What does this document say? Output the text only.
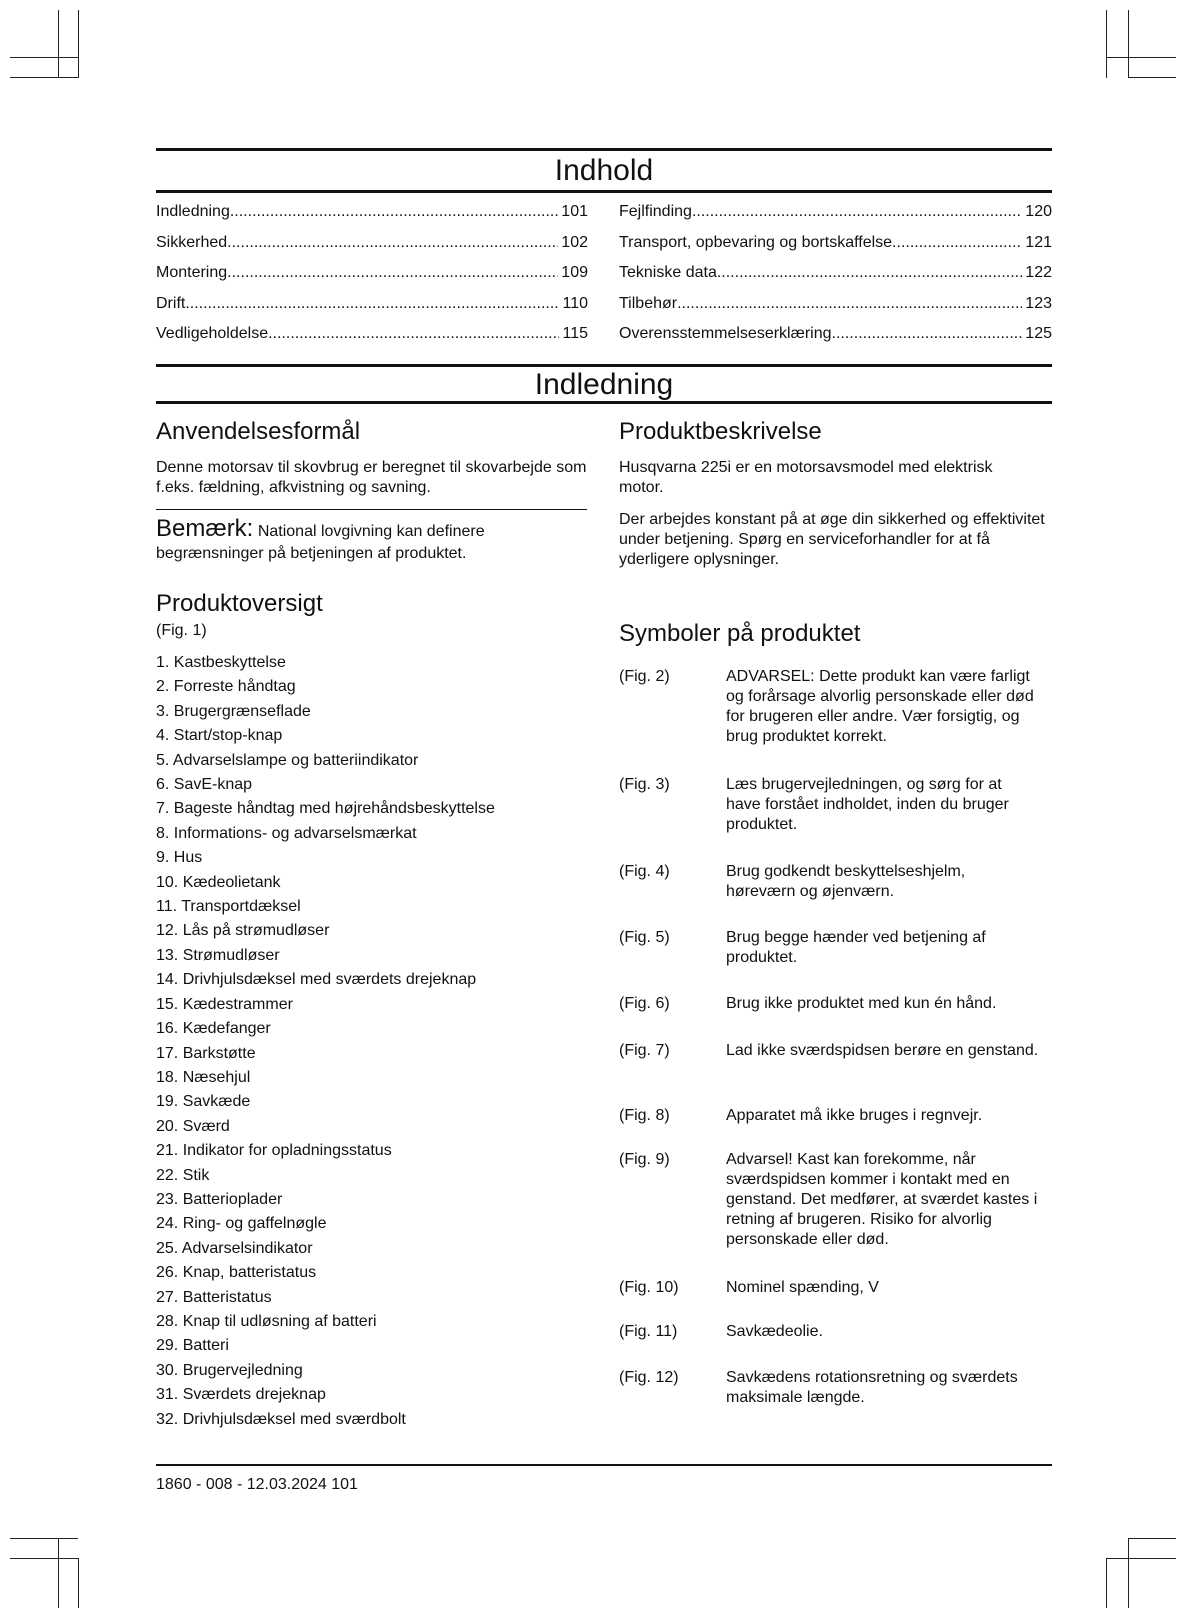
Indhold
Indledning .....	101
Sikkerhed .....	102
Montering .....	109
Drift .....	110
Vedligeholdelse .....	115
Fejlfinding .....	120
Transport, opbevaring og bortskaffelse .....	121
Tekniske data .....	122
Tilbehør .....	123
Overensstemmelseserklæring .....	125
Indledning
Anvendelsesformål

Denne motorsav til skovbrug er beregnet til skovarbejde som f.eks. fældning, afkvistning og savning.

Bemærk: National lovgivning kan definere begrænsninger på betjeningen af produktet.
Produktoversigt

(Fig. 1)

1. Kastbeskyttelse
2. Forreste håndtag
3. Brugergrænseflade
4. Start/stop-knap
5. Advarselslampe og batteriindikator
6. SavE-knap
7. Bageste håndtag med højrehåndsbeskyttelse
8. Informations- og advarselsmærkat
9. Hus
10. Kædeolietank
11. Transportdæksel
12. Lås på strømudløser
13. Strømudløser
14. Drivhjulsdæksel med sværdets drejeknap
15. Kædestrammer
16. Kædefanger
17. Barkstøtte
18. Næsehjul
19. Savkæde
20. Sværd
21. Indikator for opladningsstatus
22. Stik
23. Batterioplader
24. Ring- og gaffelnøgle
25. Advarselsindikator
26. Knap, batteristatus
27. Batteristatus
28. Knap til udløsning af batteri
29. Batteri
30. Brugervejledning
31. Sværdets drejeknap
32. Drivhjulsdæksel med sværdbolt
Produktbeskrivelse

Husqvarna 225i er en motorsavsmodel med elektrisk motor.

Der arbejdes konstant på at øge din sikkerhed og effektivitet under betjening. Spørg en serviceforhandler for at få yderligere oplysninger.

Symboler på produktet
(Fig. 2)	ADVARSEL: Dette produkt kan være farligt og forårsage alvorlig personskade eller død for brugeren eller andre. Vær forsigtig, og brug produktet korrekt.
(Fig. 3)	Læs brugervejledningen, og sørg for at have forstået indholdet, inden du bruger produktet.
(Fig. 4)	Brug godkendt beskyttelseshjelm, høreværn og øjenværn.
(Fig. 5)	Brug begge hænder ved betjening af produktet.
(Fig. 6)	Brug ikke produktet med kun én hånd.
(Fig. 7)	Lad ikke sværdspidsen berøre en genstand.
(Fig. 8)	Apparatet må ikke bruges i regnvejr.
(Fig. 9)	Advarsel! Kast kan forekomme, når sværdspidsen kommer i kontakt med en genstand. Det medfører, at sværdet kastes i retning af brugeren. Risiko for alvorlig personskade eller død.
(Fig. 10)	Nominel spænding, V
(Fig. 11)	Savkædeolie.
(Fig. 12)	Savkædens rotationsretning og sværdets maksimale længde.
1860 - 008 - 12.03.2024 101
